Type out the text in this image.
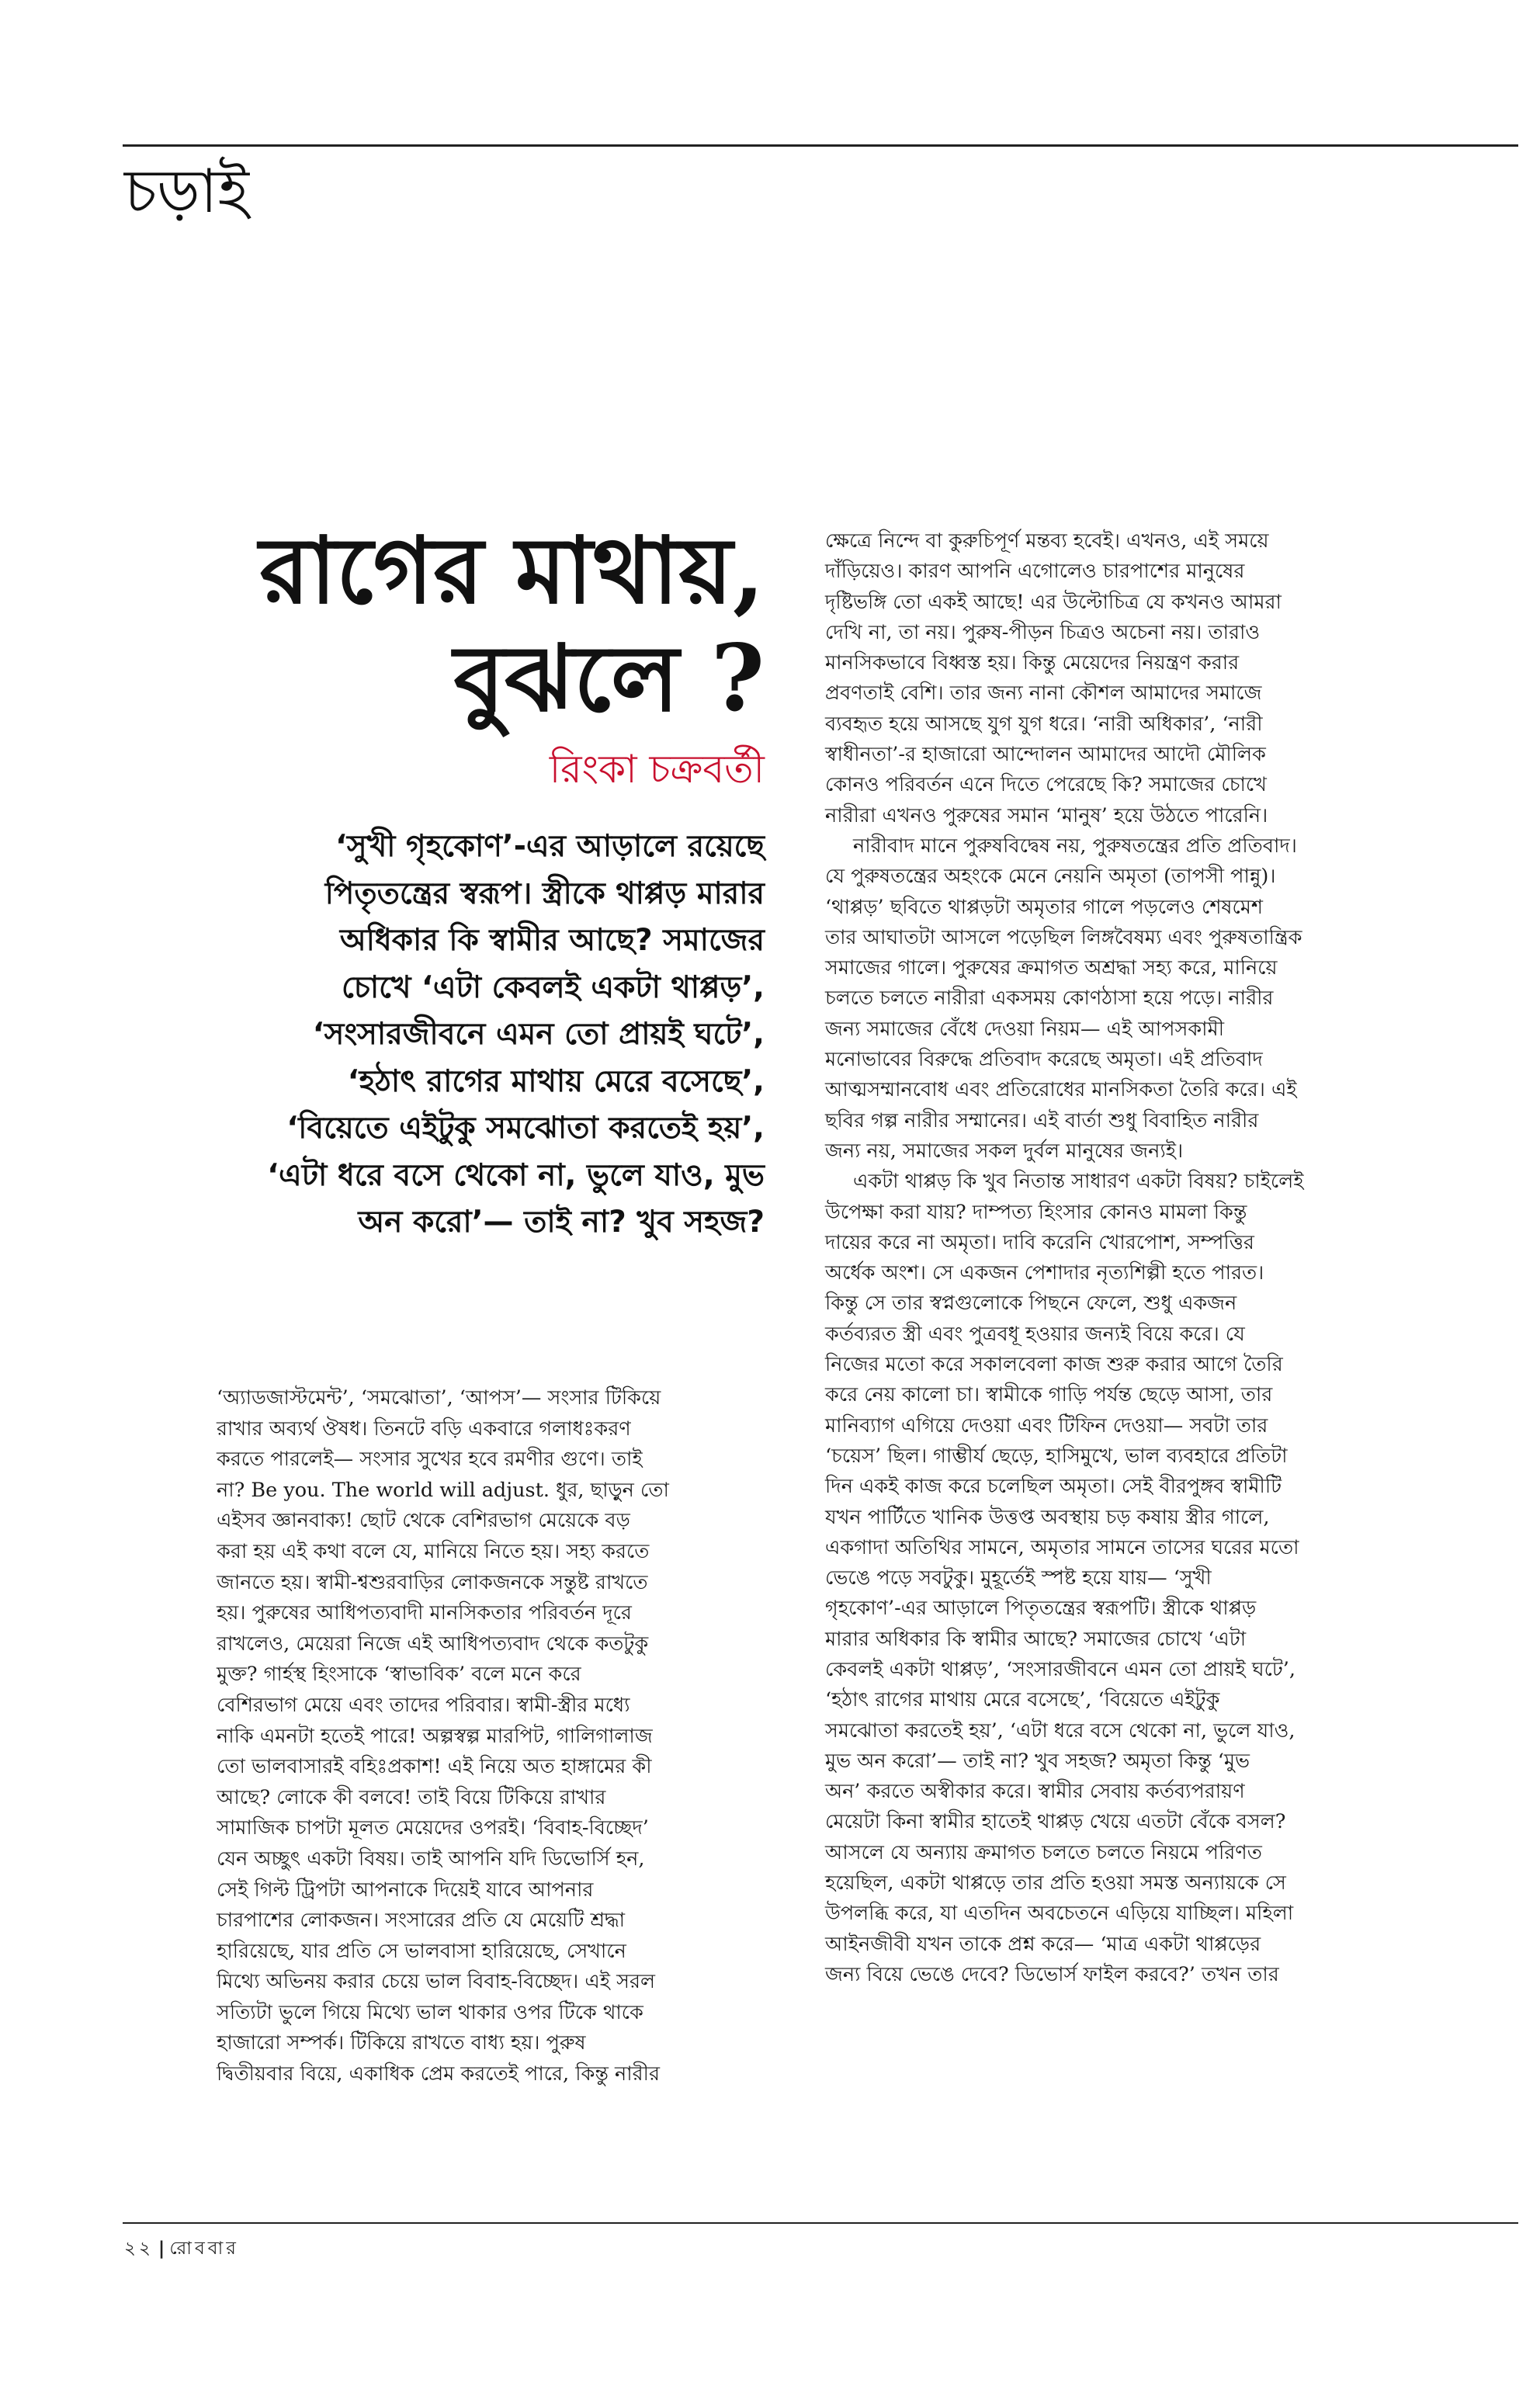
চড়াই
রাগের মাথায়,
বুঝলে ?
রিংকা চক্রবর্তী
‘সুখী গৃহকোণ’-এর আড়ালে রয়েছে
পিতৃতন্ত্রের স্বরূপ। স্ত্রীকে থাপ্পড় মারার
অধিকার কি স্বামীর আছে? সমাজের
চোখে ‘এটা কেবলই একটা থাপ্পড়’,
‘সংসারজীবনে এমন তো প্রায়ই ঘটে’,
‘হঠাৎ রাগের মাথায় মেরে বসেছে’,
‘বিয়েতে এইটুকু সমঝোতা করতেই হয়’,
‘এটা ধরে বসে থেকো না, ভুলে যাও, মুভ
অন করো’— তাই না? খুব সহজ?
‘অ্যাডজাস্টমেন্ট’, ‘সমঝোতা’, ‘আপস’— সংসার টিকিয়ে
রাখার অব্যর্থ ঔষধ। তিনটে বড়ি একবারে গলাধঃকরণ
করতে পারলেই— সংসার সুখের হবে রমণীর গুণে। তাই
না? Be you. The world will adjust. ধুর, ছাড়ুন তো
এইসব জ্ঞানবাক্য! ছোট থেকে বেশিরভাগ মেয়েকে বড়
করা হয় এই কথা বলে যে, মানিয়ে নিতে হয়। সহ্য করতে
জানতে হয়। স্বামী-শ্বশুরবাড়ির লোকজনকে সন্তুষ্ট রাখতে
হয়। পুরুষের আধিপত্যবাদী মানসিকতার পরিবর্তন দূরে
রাখলেও, মেয়েরা নিজে এই আধিপত্যবাদ থেকে কতটুকু
মুক্ত? গার্হস্থ হিংসাকে ‘স্বাভাবিক’ বলে মনে করে
বেশিরভাগ মেয়ে এবং তাদের পরিবার। স্বামী-স্ত্রীর মধ্যে
নাকি এমনটা হতেই পারে! অল্পস্বল্প মারপিট, গালিগালাজ
তো ভালবাসারই বহিঃপ্রকাশ! এই নিয়ে অত হাঙ্গামের কী
আছে? লোকে কী বলবে! তাই বিয়ে টিকিয়ে রাখার
সামাজিক চাপটা মূলত মেয়েদের ওপরই। ‘বিবাহ-বিচ্ছেদ’
যেন অচ্ছুৎ একটা বিষয়। তাই আপনি যদি ডিভোর্সি হন,
সেই গিল্ট ট্রিপটা আপনাকে দিয়েই যাবে আপনার
চারপাশের লোকজন। সংসারের প্রতি যে মেয়েটি শ্রদ্ধা
হারিয়েছে, যার প্রতি সে ভালবাসা হারিয়েছে, সেখানে
মিথ্যে অভিনয় করার চেয়ে ভাল বিবাহ-বিচ্ছেদ। এই সরল
সত্যিটা ভুলে গিয়ে মিথ্যে ভাল থাকার ওপর টিকে থাকে
হাজারো সম্পর্ক। টিকিয়ে রাখতে বাধ্য হয়। পুরুষ
দ্বিতীয়বার বিয়ে, একাধিক প্রেম করতেই পারে, কিন্তু নারীর
ক্ষেত্রে নিন্দে বা কুরুচিপূর্ণ মন্তব্য হবেই। এখনও, এই সময়ে
দাঁড়িয়েও। কারণ আপনি এগোলেও চারপাশের মানুষের
দৃষ্টিভঙ্গি তো একই আছে! এর উল্টোচিত্র যে কখনও আমরা
দেখি না, তা নয়। পুরুষ-পীড়ন চিত্রও অচেনা নয়। তারাও
মানসিকভাবে বিধ্বস্ত হয়। কিন্তু মেয়েদের নিয়ন্ত্রণ করার
প্রবণতাই বেশি। তার জন্য নানা কৌশল আমাদের সমাজে
ব্যবহৃত হয়ে আসছে যুগ যুগ ধরে। ‘নারী অধিকার’, ‘নারী
স্বাধীনতা’-র হাজারো আন্দোলন আমাদের আদৌ মৌলিক
কোনও পরিবর্তন এনে দিতে পেরেছে কি? সমাজের চোখে
নারীরা এখনও পুরুষের সমান ‘মানুষ’ হয়ে উঠতে পারেনি।
নারীবাদ মানে পুরুষবিদ্বেষ নয়, পুরুষতন্ত্রের প্রতি প্রতিবাদ।
যে পুরুষতন্ত্রের অহংকে মেনে নেয়নি অমৃতা (তাপসী পান্নু)।
‘থাপ্পড়’ ছবিতে থাপ্পড়টা অমৃতার গালে পড়লেও শেষমেশ
তার আঘাতটা আসলে পড়েছিল লিঙ্গবৈষম্য এবং পুরুষতান্ত্রিক
সমাজের গালে। পুরুষের ক্রমাগত অশ্রদ্ধা সহ্য করে, মানিয়ে
চলতে চলতে নারীরা একসময় কোণঠাসা হয়ে পড়ে। নারীর
জন্য সমাজের বেঁধে দেওয়া নিয়ম— এই আপসকামী
মনোভাবের বিরুদ্ধে প্রতিবাদ করেছে অমৃতা। এই প্রতিবাদ
আত্মসম্মানবোধ এবং প্রতিরোধের মানসিকতা তৈরি করে। এই
ছবির গল্প নারীর সম্মানের। এই বার্তা শুধু বিবাহিত নারীর
জন্য নয়, সমাজের সকল দুর্বল মানুষের জন্যই।
একটা থাপ্পড় কি খুব নিতান্ত সাধারণ একটা বিষয়? চাইলেই
উপেক্ষা করা যায়? দাম্পত্য হিংসার কোনও মামলা কিন্তু
দায়ের করে না অমৃতা। দাবি করেনি খোরপোশ, সম্পত্তির
অর্ধেক অংশ। সে একজন পেশাদার নৃত্যশিল্পী হতে পারত।
কিন্তু সে তার স্বপ্নগুলোকে পিছনে ফেলে, শুধু একজন
কর্তব্যরত স্ত্রী এবং পুত্রবধূ হওয়ার জন্যই বিয়ে করে। যে
নিজের মতো করে সকালবেলা কাজ শুরু করার আগে তৈরি
করে নেয় কালো চা। স্বামীকে গাড়ি পর্যন্ত ছেড়ে আসা, তার
মানিব্যাগ এগিয়ে দেওয়া এবং টিফিন দেওয়া— সবটা তার
‘চয়েস’ ছিল। গাম্ভীর্য ছেড়ে, হাসিমুখে, ভাল ব্যবহারে প্রতিটা
দিন একই কাজ করে চলেছিল অমৃতা। সেই বীরপুঙ্গব স্বামীটি
যখন পার্টিতে খানিক উত্তপ্ত অবস্থায় চড় কষায় স্ত্রীর গালে,
একগাদা অতিথির সামনে, অমৃতার সামনে তাসের ঘরের মতো
ভেঙে পড়ে সবটুকু। মুহূর্তেই স্পষ্ট হয়ে যায়— ‘সুখী
গৃহকোণ’-এর আড়ালে পিতৃতন্ত্রের স্বরূপটি। স্ত্রীকে থাপ্পড়
মারার অধিকার কি স্বামীর আছে? সমাজের চোখে ‘এটা
কেবলই একটা থাপ্পড়’, ‘সংসারজীবনে এমন তো প্রায়ই ঘটে’,
‘হঠাৎ রাগের মাথায় মেরে বসেছে’, ‘বিয়েতে এইটুকু
সমঝোতা করতেই হয়’, ‘এটা ধরে বসে থেকো না, ভুলে যাও,
মুভ অন করো’— তাই না? খুব সহজ? অমৃতা কিন্তু ‘মুভ
অন’ করতে অস্বীকার করে। স্বামীর সেবায় কর্তব্যপরায়ণ
মেয়েটা কিনা স্বামীর হাতেই থাপ্পড় খেয়ে এতটা বেঁকে বসল?
আসলে যে অন্যায় ক্রমাগত চলতে চলতে নিয়মে পরিণত
হয়েছিল, একটা থাপ্পড়ে তার প্রতি হওয়া সমস্ত অন্যায়কে সে
উপলব্ধি করে, যা এতদিন অবচেতনে এড়িয়ে যাচ্ছিল। মহিলা
আইনজীবী যখন তাকে প্রশ্ন করে— ‘মাত্র একটা থাপ্পড়ের
জন্য বিয়ে ভেঙে দেবে? ডিভোর্স ফাইল করবে?’ তখন তার
২২ | রোববার
